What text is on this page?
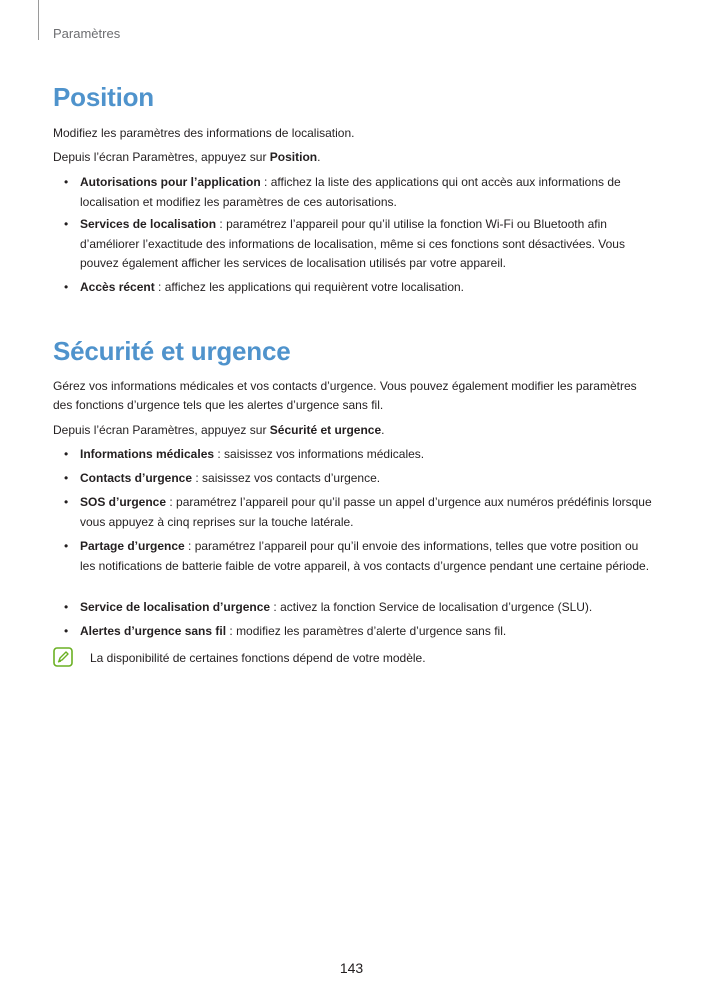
Paramètres
Position

Modifiez les paramètres des informations de localisation.

Depuis l’écran Paramètres, appuyez sur Position.

• Autorisations pour l’application : affichez la liste des applications qui ont accès aux informations de localisation et modifiez les paramètres de ces autorisations.

• Services de localisation : paramétrez l’appareil pour qu’il utilise la fonction Wi-Fi ou Bluetooth afin d’améliorer l’exactitude des informations de localisation, même si ces fonctions sont désactivées. Vous pouvez également afficher les services de localisation utilisés par votre appareil.

• Accès récent : affichez les applications qui requièrent votre localisation.

Sécurité et urgence

Gérez vos informations médicales et vos contacts d’urgence. Vous pouvez également modifier les paramètres des fonctions d’urgence tels que les alertes d’urgence sans fil.

Depuis l’écran Paramètres, appuyez sur Sécurité et urgence.

• Informations médicales : saisissez vos informations médicales.

• Contacts d’urgence : saisissez vos contacts d’urgence.

• SOS d’urgence : paramétrez l’appareil pour qu’il passe un appel d’urgence aux numéros prédéfinis lorsque vous appuyez à cinq reprises sur la touche latérale.

• Partage d’urgence : paramétrez l’appareil pour qu’il envoie des informations, telles que votre position ou les notifications de batterie faible de votre appareil, à vos contacts d’urgence pendant une certaine période.

• Service de localisation d’urgence : activez la fonction Service de localisation d’urgence (SLU).

• Alertes d’urgence sans fil : modifiez les paramètres d’alerte d’urgence sans fil.

La disponibilité de certaines fonctions dépend de votre modèle.
143
